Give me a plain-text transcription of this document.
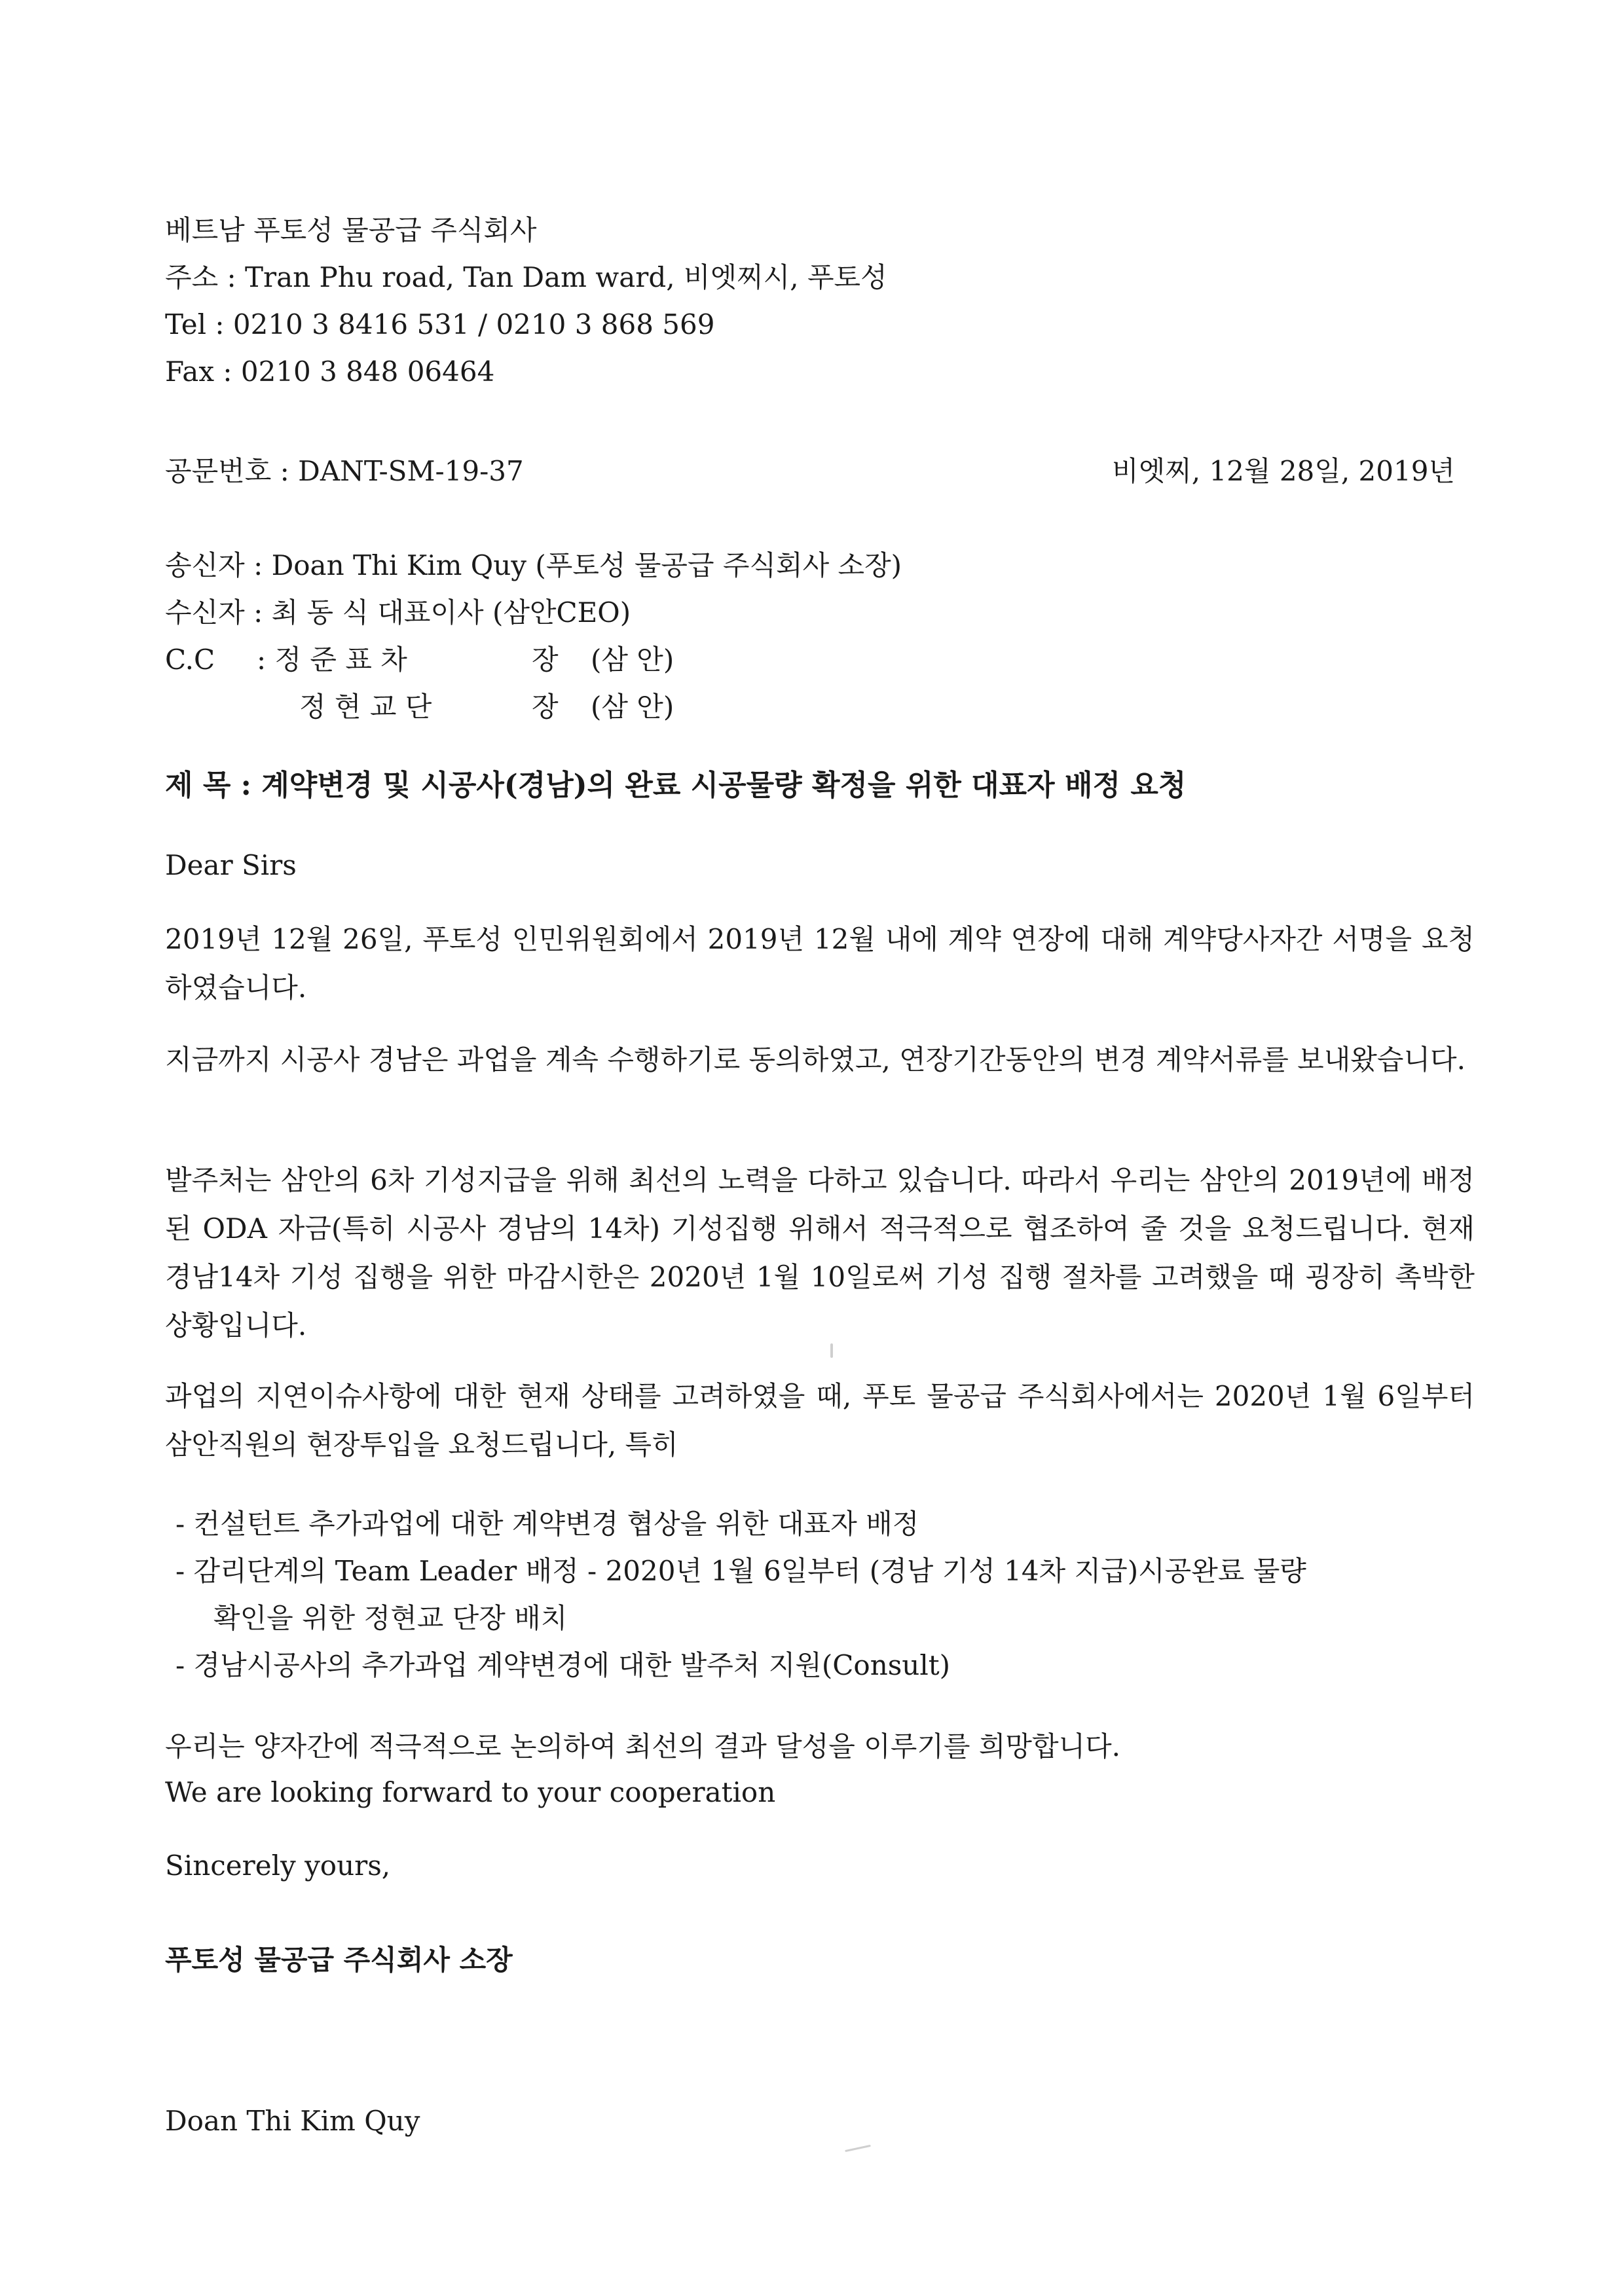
베트남 푸토성 물공급 주식회사
주소 : Tran Phu road, Tan Dam ward, 비엣찌시, 푸토성
Tel : 0210 3 8416 531 / 0210 3 868 569
Fax : 0210 3 848 06464
공문번호 : DANT-SM-19-37	비엣찌, 12월 28일, 2019년
송신자 : Doan Thi Kim Quy (푸토성 물공급 주식회사 소장)
수신자 : 최 동 식 대표이사 (삼안CEO)
C.C : 정 준 표 차	장 (삼 안)
정 현 교 단	장 (삼 안)
제 목 : 계약변경 및 시공사(경남)의 완료 시공물량 확정을 위한 대표자 배정 요청
Dear Sirs
2019년 12월 26일, 푸토성 인민위원회에서 2019년 12월 내에 계약 연장에 대해 계약당사자간 서명을 요청하였습니다.
지금까지 시공사 경남은 과업을 계속 수행하기로 동의하였고, 연장기간동안의 변경 계약서류를 보내왔습니다.
발주처는 삼안의 6차 기성지급을 위해 최선의 노력을 다하고 있습니다. 따라서 우리는 삼안의 2019년에 배정된 ODA 자금(특히 시공사 경남의 14차) 기성집행 위해서 적극적으로 협조하여 줄 것을 요청드립니다. 현재 경남14차 기성 집행을 위한 마감시한은 2020년 1월 10일로써 기성 집행 절차를 고려했을 때 굉장히 촉박한 상황입니다.
과업의 지연이슈사항에 대한 현재 상태를 고려하였을 때, 푸토 물공급 주식회사에서는 2020년 1월 6일부터 삼안직원의 현장투입을 요청드립니다, 특히
- 컨설턴트 추가과업에 대한 계약변경 협상을 위한 대표자 배정
- 감리단계의 Team Leader 배정 - 2020년 1월 6일부터 (경남 기성 14차 지급)시공완료 물량
확인을 위한 정현교 단장 배치
- 경남시공사의 추가과업 계약변경에 대한 발주처 지원(Consult)
우리는 양자간에 적극적으로 논의하여 최선의 결과 달성을 이루기를 희망합니다.
We are looking forward to your cooperation
Sincerely yours,
푸토성 물공급 주식회사 소장
Doan Thi Kim Quy
